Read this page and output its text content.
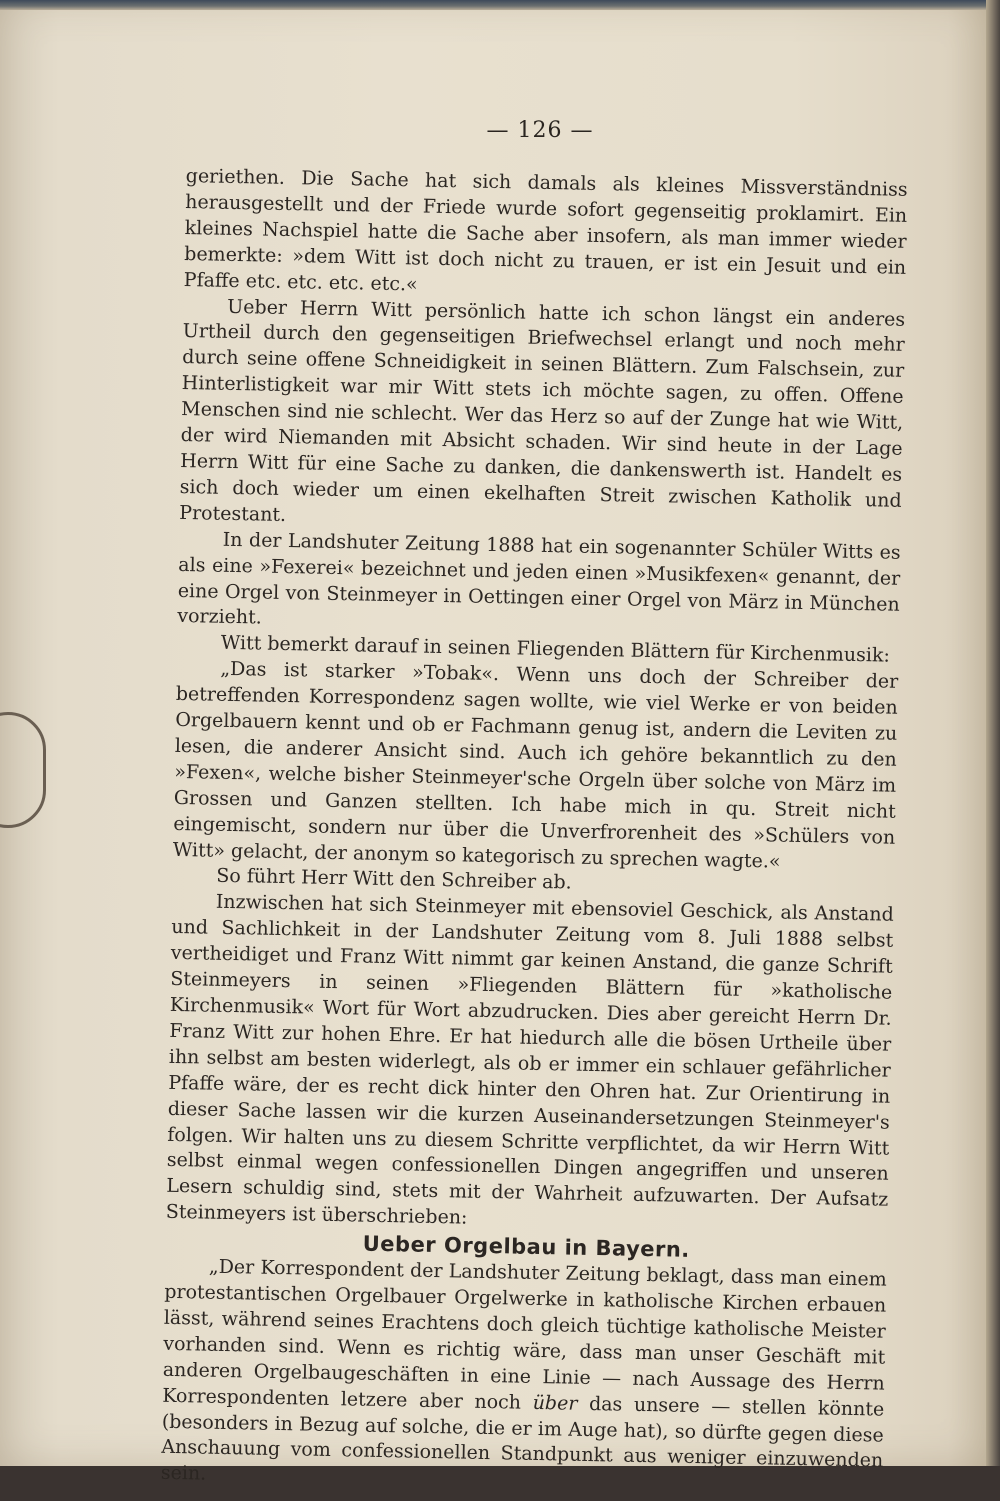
— 126 —

geriethen. Die Sache hat sich damals als kleines Missverständniss herausgestellt und der Friede wurde sofort gegenseitig proklamirt. Ein kleines Nachspiel hatte die Sache aber insofern, als man immer wieder bemerkte: »dem Witt ist doch nicht zu trauen, er ist ein Jesuit und ein Pfaffe etc. etc. etc. etc.«

Ueber Herrn Witt persönlich hatte ich schon längst ein anderes Urtheil durch den gegenseitigen Briefwechsel erlangt und noch mehr durch seine offene Schneidigkeit in seinen Blättern. Zum Falschsein, zur Hinterlistigkeit war mir Witt stets ich möchte sagen, zu offen. Offene Menschen sind nie schlecht. Wer das Herz so auf der Zunge hat wie Witt, der wird Niemanden mit Absicht schaden. Wir sind heute in der Lage Herrn Witt für eine Sache zu danken, die dankenswerth ist. Handelt es sich doch wieder um einen ekelhaften Streit zwischen Katholik und Protestant.

In der Landshuter Zeitung 1888 hat ein sogenannter Schüler Witts es als eine »Fexerei« bezeichnet und jeden einen »Musikfexen« genannt, der eine Orgel von Steinmeyer in Oettingen einer Orgel von März in München vorzieht.

Witt bemerkt darauf in seinen Fliegenden Blättern für Kirchenmusik:

„Das ist starker »Tobak«. Wenn uns doch der Schreiber der betreffenden Korrespondenz sagen wollte, wie viel Werke er von beiden Orgelbauern kennt und ob er Fachmann genug ist, andern die Leviten zu lesen, die anderer Ansicht sind. Auch ich gehöre bekanntlich zu den »Fexen«, welche bisher Steinmeyer'sche Orgeln über solche von März im Grossen und Ganzen stellten. Ich habe mich in qu. Streit nicht eingemischt, sondern nur über die Unverfrorenheit des »Schülers von Witt» gelacht, der anonym so kategorisch zu sprechen wagte.«

So führt Herr Witt den Schreiber ab.

Inzwischen hat sich Steinmeyer mit ebensoviel Geschick, als Anstand und Sachlichkeit in der Landshuter Zeitung vom 8. Juli 1888 selbst vertheidiget und Franz Witt nimmt gar keinen Anstand, die ganze Schrift Steinmeyers in seinen »Fliegenden Blättern für »katholische Kirchenmusik« Wort für Wort abzudrucken. Dies aber gereicht Herrn Dr. Franz Witt zur hohen Ehre. Er hat hiedurch alle die bösen Urtheile über ihn selbst am besten widerlegt, als ob er immer ein schlauer gefährlicher Pfaffe wäre, der es recht dick hinter den Ohren hat. Zur Orientirung in dieser Sache lassen wir die kurzen Auseinandersetzungen Steinmeyer's folgen. Wir halten uns zu diesem Schritte verpflichtet, da wir Herrn Witt selbst einmal wegen confessionellen Dingen angegriffen und unseren Lesern schuldig sind, stets mit der Wahrheit aufzuwarten. Der Aufsatz Steinmeyers ist überschrieben:

Ueber Orgelbau in Bayern.

„Der Korrespondent der Landshuter Zeitung beklagt, dass man einem protestantischen Orgelbauer Orgelwerke in katholische Kirchen erbauen lässt, während seines Erachtens doch gleich tüchtige katholische Meister vorhanden sind. Wenn es richtig wäre, dass man unser Geschäft mit anderen Orgelbaugeschäften in eine Linie — nach Aussage des Herrn Korrespondenten letzere aber noch über das unsere — stellen könnte (besonders in Bezug auf solche, die er im Auge hat), so dürfte gegen diese Anschauung vom confessionellen Standpunkt aus weniger einzuwenden sein.
